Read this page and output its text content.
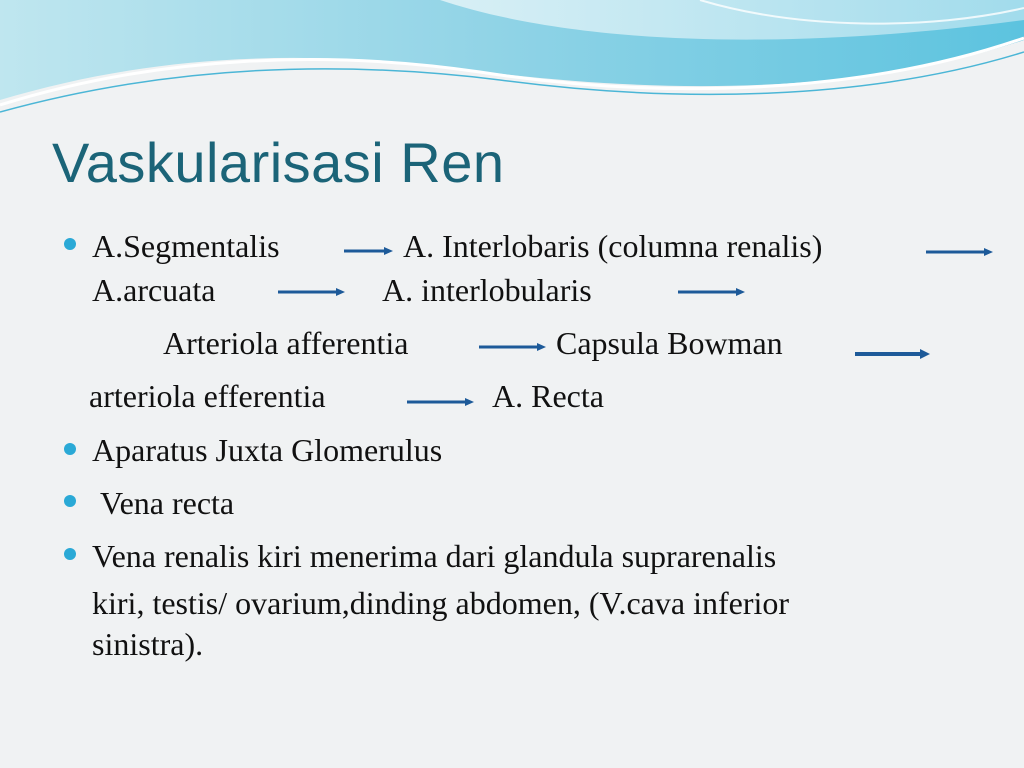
Vaskularisasi Ren
A.Segmentalis	A. Interlobaris (columna renalis)
A.arcuata	A. interlobularis
Arteriola afferentia	Capsula Bowman
arteriola efferentia	A. Recta
Aparatus Juxta Glomerulus
Vena recta
Vena renalis kiri menerima dari glandula suprarenalis
kiri, testis/ ovarium,dinding abdomen, (V.cava inferior
sinistra).
